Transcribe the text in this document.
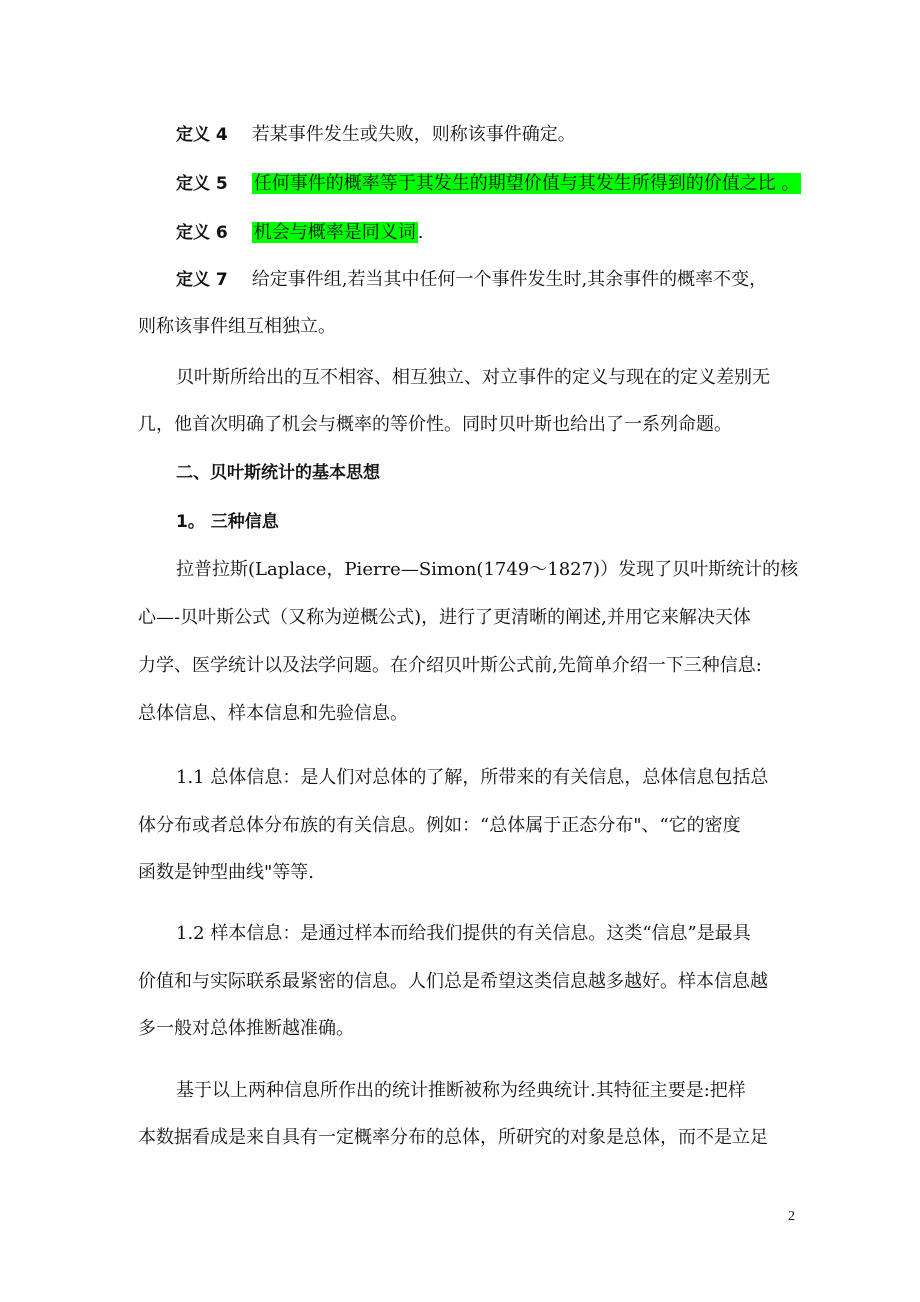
定义 4 若某事件发生或失败，则称该事件确定。
定义 5 任何事件的概率等于其发生的期望价值与其发生所得到的价值之比 。
定义 6 机会与概率是同义词 .
定义 7 给定事件组,若当其中任何一个事件发生时,其余事件的概率不变，
则称该事件组互相独立。
贝叶斯所给出的互不相容、相互独立、对立事件的定义与现在的定义差别无
几，他首次明确了机会与概率的等价性。同时贝叶斯也给出了一系列命题。
二、贝叶斯统计的基本思想
1。 三种信息
拉普拉斯(Laplace，Pierre—Simon(1749～1827)）发现了贝叶斯统计的核
心—-贝叶斯公式（又称为逆概公式)，进行了更清晰的阐述,并用它来解决天体
力学、医学统计以及法学问题。在介绍贝叶斯公式前,先简单介绍一下三种信息:
总体信息、样本信息和先验信息。
1.1 总体信息：是人们对总体的了解，所带来的有关信息，总体信息包括总
体分布或者总体分布族的有关信息。例如：“总体属于正态分布"、“它的密度
函数是钟型曲线"等等.
1.2 样本信息：是通过样本而给我们提供的有关信息。这类“信息”是最具
价值和与实际联系最紧密的信息。人们总是希望这类信息越多越好。样本信息越
多一般对总体推断越准确。
基于以上两种信息所作出的统计推断被称为经典统计.其特征主要是:把样
本数据看成是来自具有一定概率分布的总体，所研究的对象是总体，而不是立足
2
